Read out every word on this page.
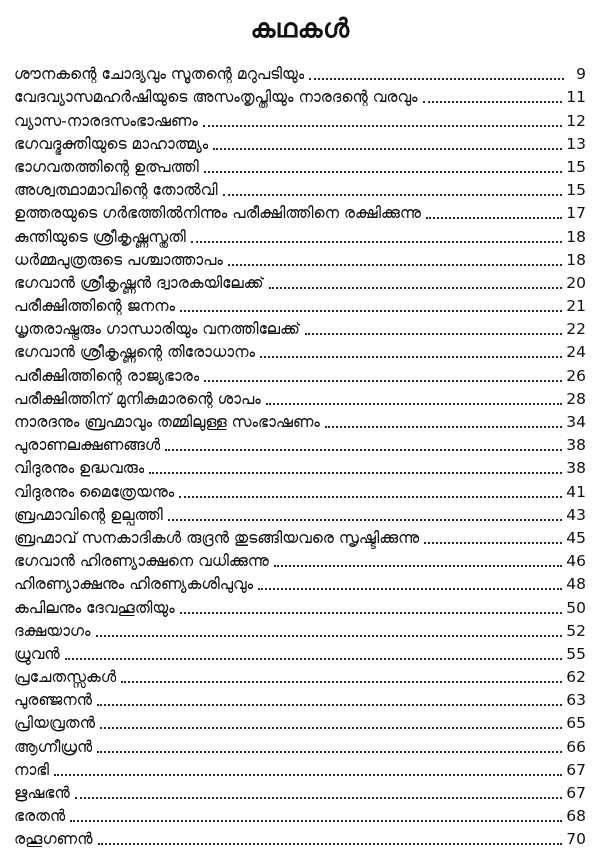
കഥകൾ
ശൗനകന്റെ ചോദ്യവും സൂതന്റെ മറുപടിയും	9
വേദവ്യാസമഹർഷിയുടെ അസംതൃപ്തിയും നാരദന്റെ വരവും	11
വ്യാസ-നാരദസംഭാഷണം	12
ഭഗവദ്ഭക്തിയുടെ മാഹാത്മ്യം	13
ഭാഗവതത്തിന്റെ ഉത്പത്തി	15
അശ്വത്ഥാമാവിന്റെ തോൽവി	15
ഉത്തരയുടെ ഗർഭത്തിൽനിന്നും പരീക്ഷിത്തിനെ രക്ഷിക്കുന്നു	17
കുന്തിയുടെ ശ്രീകൃഷ്ണസ്തുതി	18
ധർമ്മപുത്രരുടെ പശ്ചാത്താപം	18
ഭഗവാൻ ശ്രീകൃഷ്ണൻ ദ്വാരകയിലേക്ക്	20
പരീക്ഷിത്തിന്റെ ജനനം	21
ധൃതരാഷ്ട്രരും ഗാന്ധാരിയും വനത്തിലേക്ക്	22
ഭഗവാൻ ശ്രീകൃഷ്ണന്റെ തിരോധാനം	24
പരീക്ഷിത്തിന്റെ രാജ്യഭാരം	26
പരീക്ഷിത്തിന് മുനികുമാരന്റെ ശാപം	28
നാരദനും ബ്രഹ്മാവും തമ്മിലുള്ള സംഭാഷണം	34
പുരാണലക്ഷണങ്ങൾ	38
വിദുരനും ഉദ്ധവരും	38
വിദുരനും മൈത്രേയനും	41
ബ്രഹ്മാവിന്റെ ഉല്പത്തി	43
ബ്രഹ്മാവ് സനകാദികൾ രുദ്രൻ തുടങ്ങിയവരെ സൃഷ്ടിക്കുന്നു	45
ഭഗവാൻ ഹിരണ്യാക്ഷനെ വധിക്കുന്നു	46
ഹിരണ്യാക്ഷനും ഹിരണ്യകശിപുവും	48
കപിലനും ദേവഹൂതിയും	50
ദക്ഷയാഗം	52
ധ്രുവൻ	55
പ്രചേതസ്സുകൾ	62
പുരഞ്ജനൻ	63
പ്രിയവ്രതൻ	65
ആഗ്നീധ്രൻ	66
നാഭി	67
ഋഷഭൻ	67
ഭരതൻ	68
രഹൂഗണൻ	70
